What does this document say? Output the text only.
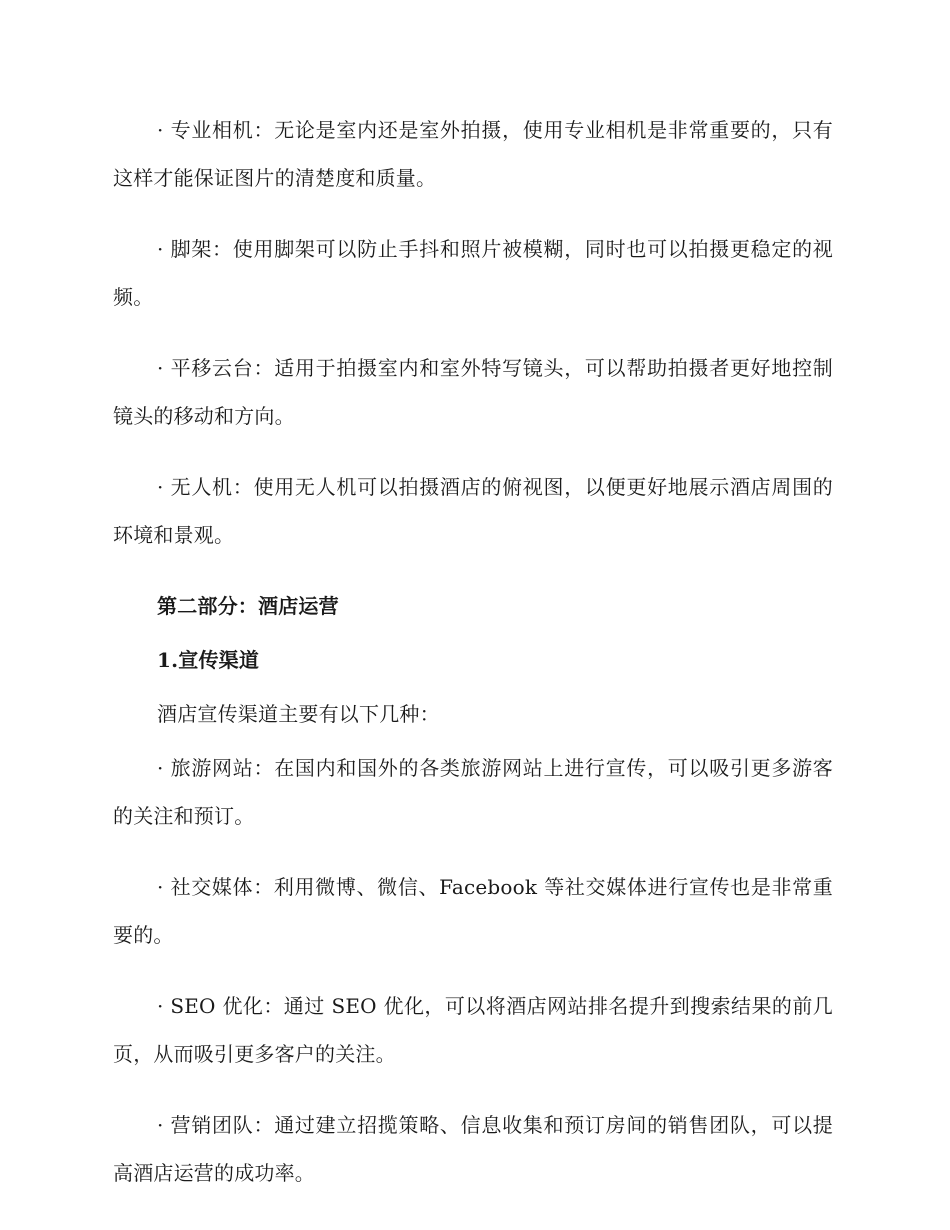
· 专业相机：无论是室内还是室外拍摄，使用专业相机是非常重要的，只有这样才能保证图片的清楚度和质量。

· 脚架：使用脚架可以防止手抖和照片被模糊，同时也可以拍摄更稳定的视频。

· 平移云台：适用于拍摄室内和室外特写镜头，可以帮助拍摄者更好地控制镜头的移动和方向。

· 无人机：使用无人机可以拍摄酒店的俯视图，以便更好地展示酒店周围的环境和景观。

第二部分：酒店运营

1.宣传渠道

酒店宣传渠道主要有以下几种：

· 旅游网站：在国内和国外的各类旅游网站上进行宣传，可以吸引更多游客的关注和预订。

· 社交媒体：利用微博、微信、Facebook 等社交媒体进行宣传也是非常重要的。

· SEO 优化：通过 SEO 优化，可以将酒店网站排名提升到搜索结果的前几页，从而吸引更多客户的关注。

· 营销团队：通过建立招揽策略、信息收集和预订房间的销售团队，可以提高酒店运营的成功率。
